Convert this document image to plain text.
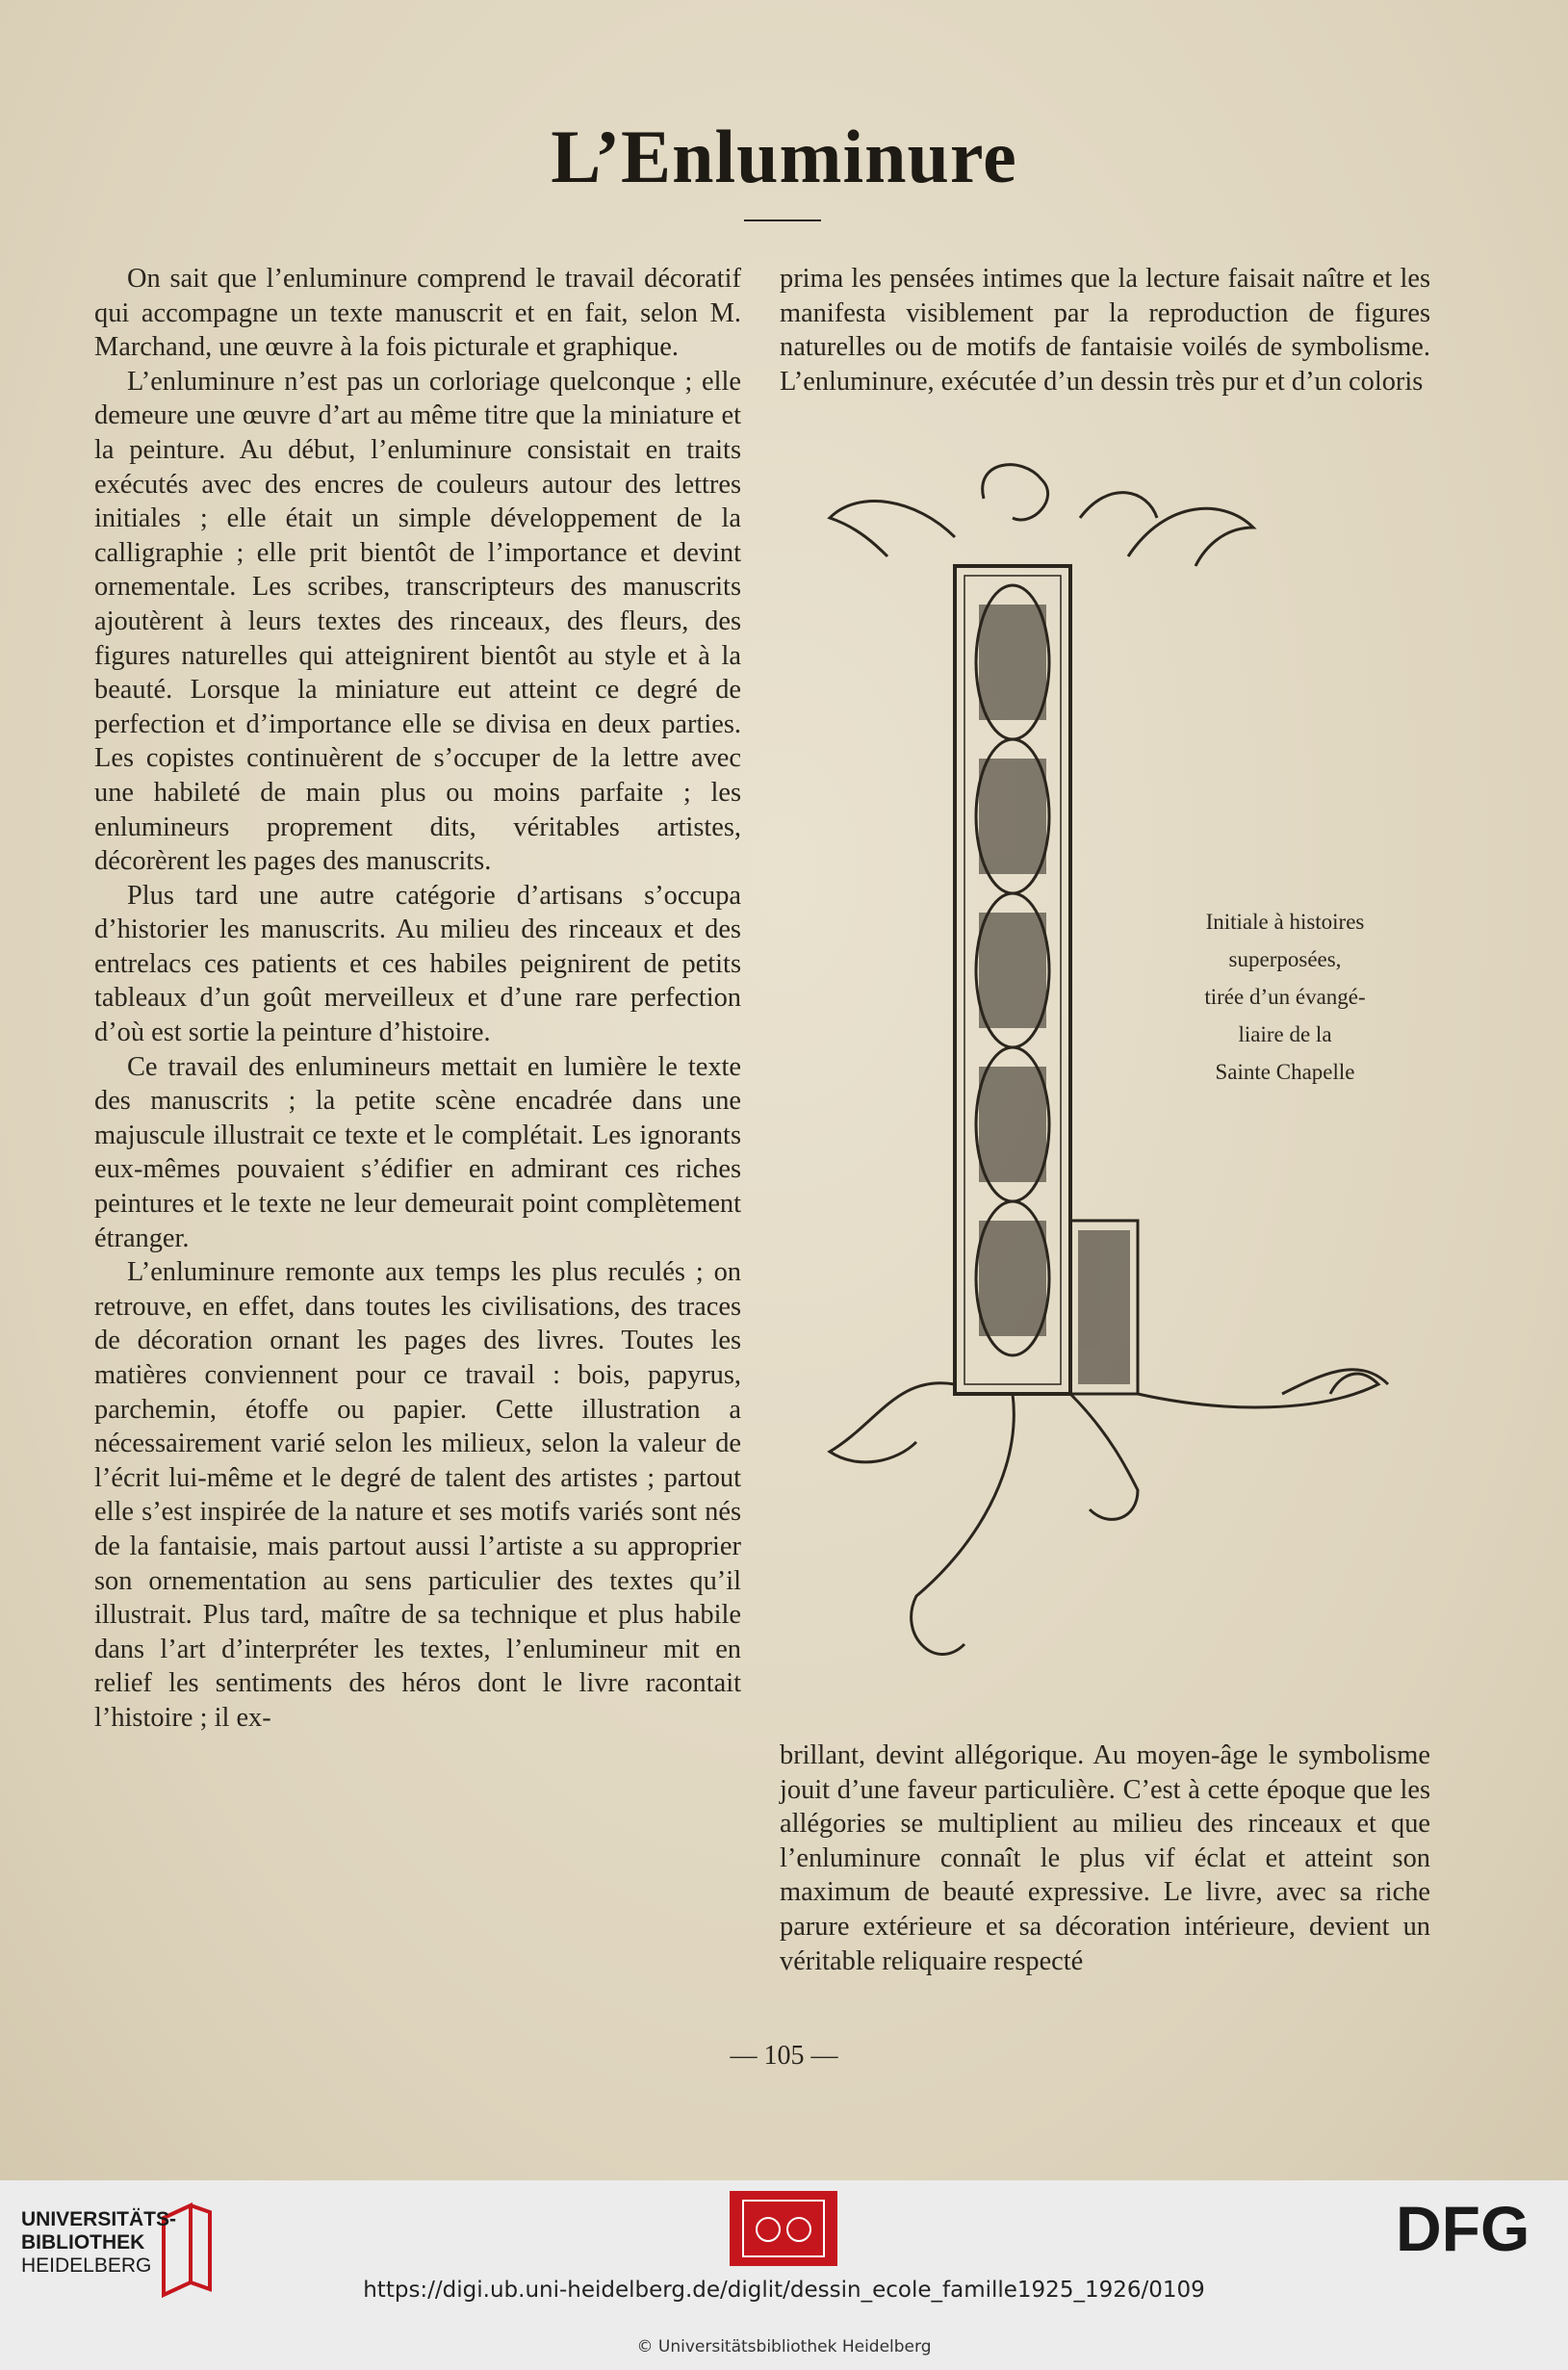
L’Enluminure

On sait que l’enluminure comprend le travail décoratif qui accompagne un texte manuscrit et en fait, selon M. Marchand, une œuvre à la fois picturale et graphique.

L’enluminure n’est pas un corloriage quelconque ; elle demeure une œuvre d’art au même titre que la miniature et la peinture. Au début, l’enluminure consistait en traits exécutés avec des encres de couleurs autour des lettres initiales ; elle était un simple développement de la calligraphie ; elle prit bientôt de l’importance et devint ornementale. Les scribes, transcripteurs des manuscrits ajoutèrent à leurs textes des rinceaux, des fleurs, des figures naturelles qui atteignirent bientôt au style et à la beauté. Lorsque la miniature eut atteint ce degré de perfection et d’importance elle se divisa en deux parties. Les copistes continuèrent de s’occuper de la lettre avec une habileté de main plus ou moins parfaite ; les enlumineurs proprement dits, véritables artistes, décorèrent les pages des manuscrits.

Plus tard une autre catégorie d’artisans s’occupa d’historier les manuscrits. Au milieu des rinceaux et des entrelacs ces patients et ces habiles peignirent de petits tableaux d’un goût merveilleux et d’une rare perfection d’où est sortie la peinture d’histoire.

Ce travail des enlumineurs mettait en lumière le texte des manuscrits ; la petite scène encadrée dans une majuscule illustrait ce texte et le complétait. Les ignorants eux-mêmes pouvaient s’édifier en admirant ces riches peintures et le texte ne leur demeurait point complètement étranger.

L’enluminure remonte aux temps les plus reculés ; on retrouve, en effet, dans toutes les civilisations, des traces de décoration ornant les pages des livres. Toutes les matières conviennent pour ce travail : bois, papyrus, parchemin, étoffe ou papier. Cette illustration a nécessairement varié selon les milieux, selon la valeur de l’écrit lui-même et le degré de talent des artistes ; partout elle s’est inspirée de la nature et ses motifs variés sont nés de la fantaisie, mais partout aussi l’artiste a su approprier son ornementation au sens particulier des textes qu’il illustrait. Plus tard, maître de sa technique et plus habile dans l’art d’interpréter les textes, l’enlumineur mit en relief les sentiments des héros dont le livre racontait l’histoire ; il ex-

prima les pensées intimes que la lecture faisait naître et les manifesta visiblement par la reproduction de figures naturelles ou de motifs de fantaisie voilés de symbolisme. L’enluminure, exécutée d’un dessin très pur et d’un coloris

Initiale à histoires
superposées,
tirée d’un évangé-
liaire de la
Sainte Chapelle

brillant, devint allégorique. Au moyen-âge le symbolisme jouit d’une faveur particulière. C’est à cette époque que les allégories se multiplient au milieu des rinceaux et que l’enluminure connaît le plus vif éclat et atteint son maximum de beauté expressive. Le livre, avec sa riche parure extérieure et sa décoration intérieure, devient un véritable reliquaire respecté

— 105 —
UNIVERSITÄTS-
BIBLIOTHEK
HEIDELBERG
DFG
https://digi.ub.uni-heidelberg.de/diglit/dessin_ecole_famille1925_1926/0109
© Universitätsbibliothek Heidelberg
